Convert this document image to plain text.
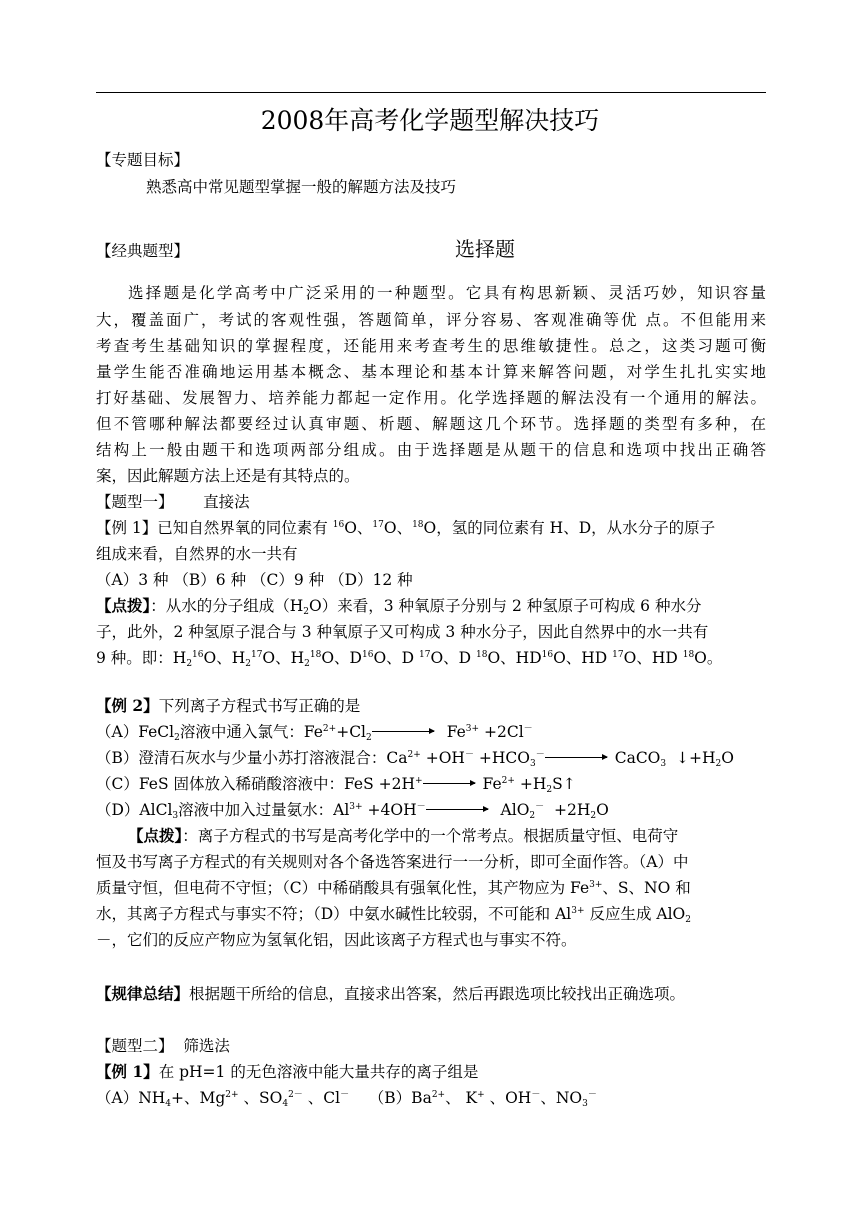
2008年高考化学题型解决技巧
【专题目标】
熟悉高中常见题型掌握一般的解题方法及技巧
【经典题型】	选择题
选择题是化学高考中广泛采用的一种题型。它具有构思新颖、灵活巧妙，知识容量
大，覆盖面广，考试的客观性强，答题简单，评分容易、客观准确等优 点。不但能用来
考查考生基础知识的掌握程度，还能用来考查考生的思维敏捷性。总之，这类习题可衡
量学生能否准确地运用基本概念、基本理论和基本计算来解答问题，对学生扎扎实实地
打好基础、发展智力、培养能力都起一定作用。化学选择题的解法没有一个通用的解法。
但不管哪种解法都要经过认真审题、析题、解题这几个环节。选择题的类型有多种，在
结构上一般由题干和选项两部分组成。由于选择题是从题干的信息和选项中找出正确答
案，因此解题方法上还是有其特点的。
【题型一】 直接法
【例 1】已知自然界氧的同位素有 $^{16}$O、$^{17}$O、$^{18}$O，氢的同位素有 H、D，从水分子的原子
组成来看，自然界的水一共有
（A）3 种 （B）6 种 （C）9 种 （D）12 种
【点拨】：从水的分子组成$(H_2O)$来看，3 种氧原子分别与 2 种氢原子可构成 6 种水分
子，此外，2 种氢原子混合与 3 种氧原子又可构成 3 种水分子，因此自然界中的水一共有
9 种。即：$H_2^{16}O$、$H_2^{17}O$、$H_2^{18}O$、$D^{16}O$、D $^{17}$O、D $^{18}$O、HD$^{16}$O、HD $^{17}$O、HD $^{18}$O。
【例 2】下列离子方程式书写正确的是
（A）FeCl$_2$溶液中通入氯气：$Fe^{2+}+Cl_2 \to Fe^{3+} +2Cl^-$
（B）澄清石灰水与少量小苏打溶液混合：$Ca^{2+} +OH^- +HCO_3^-\to$ CaCO$_3$ $↓+H_2O$
（C）FeS 固体放入稀硝酸溶液中：FeS $+2H^+\to Fe^{2+}$ $+H_2S↑$
（D）AlCl$_3$溶液中加入过量氨水：$Al^{3+} +4OH^-\to AlO_2^- +2H_2O$
【点拨】：离子方程式的书写是高考化学中的一个常考点。根据质量守恒、电荷守
恒及书写离子方程式的有关规则对各个备选答案进行一一分析，即可全面作答。（A）中
质量守恒，但电荷不守恒；（C）中稀硝酸具有强氧化性，其产物应为 $Fe^{3+}$、S、NO 和
水，其离子方程式与事实不符；（D）中氨水碱性比较弱，不可能和 $Al^{3+}$ 反应生成 AlO$_2$
－，它们的反应产物应为氢氧化铝，因此该离子方程式也与事实不符。
【规律总结】根据题干所给的信息，直接求出答案，然后再跟选项比较找出正确选项。
【题型二】 筛选法
【例 1】在 pH=1 的无色溶液中能大量共存的离子组是
$(A)NH_4+$、$Mg^{2+}$ 、$SO_4^{2-}$ 、Cl－ $(B)Ba^{2+}$、 K+ 、OH－、$NO_3^-$
